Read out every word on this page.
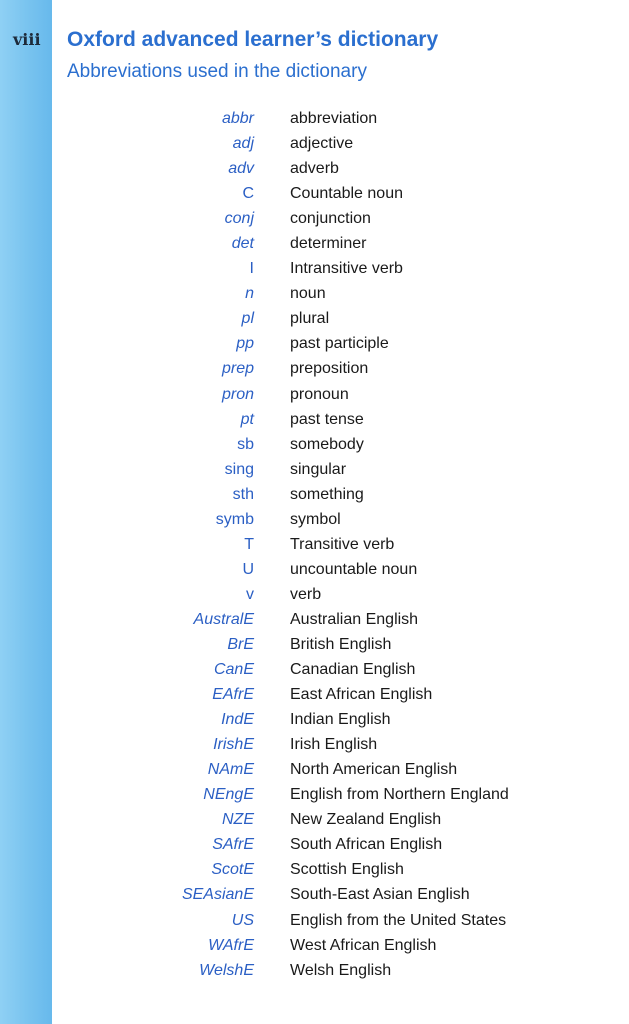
viii Oxford advanced learner’s dictionary
Abbreviations used in the dictionary
abbr abbreviation
adj adjective
adv adverb
C Countable noun
conj conjunction
det determiner
I Intransitive verb
n noun
pl plural
pp past participle
prep preposition
pron pronoun
pt past tense
sb somebody
sing singular
sth something
symb symbol
T Transitive verb
U uncountable noun
v verb
AustralE Australian English
BrE British English
CanE Canadian English
EAfrE East African English
IndE Indian English
IrishE Irish English
NAmE North American English
NEngE English from Northern England
NZE New Zealand English
SAfrE South African English
ScotE Scottish English
SEAsianE South-East Asian English
US English from the United States
WAfrE West African English
WelshE Welsh English
